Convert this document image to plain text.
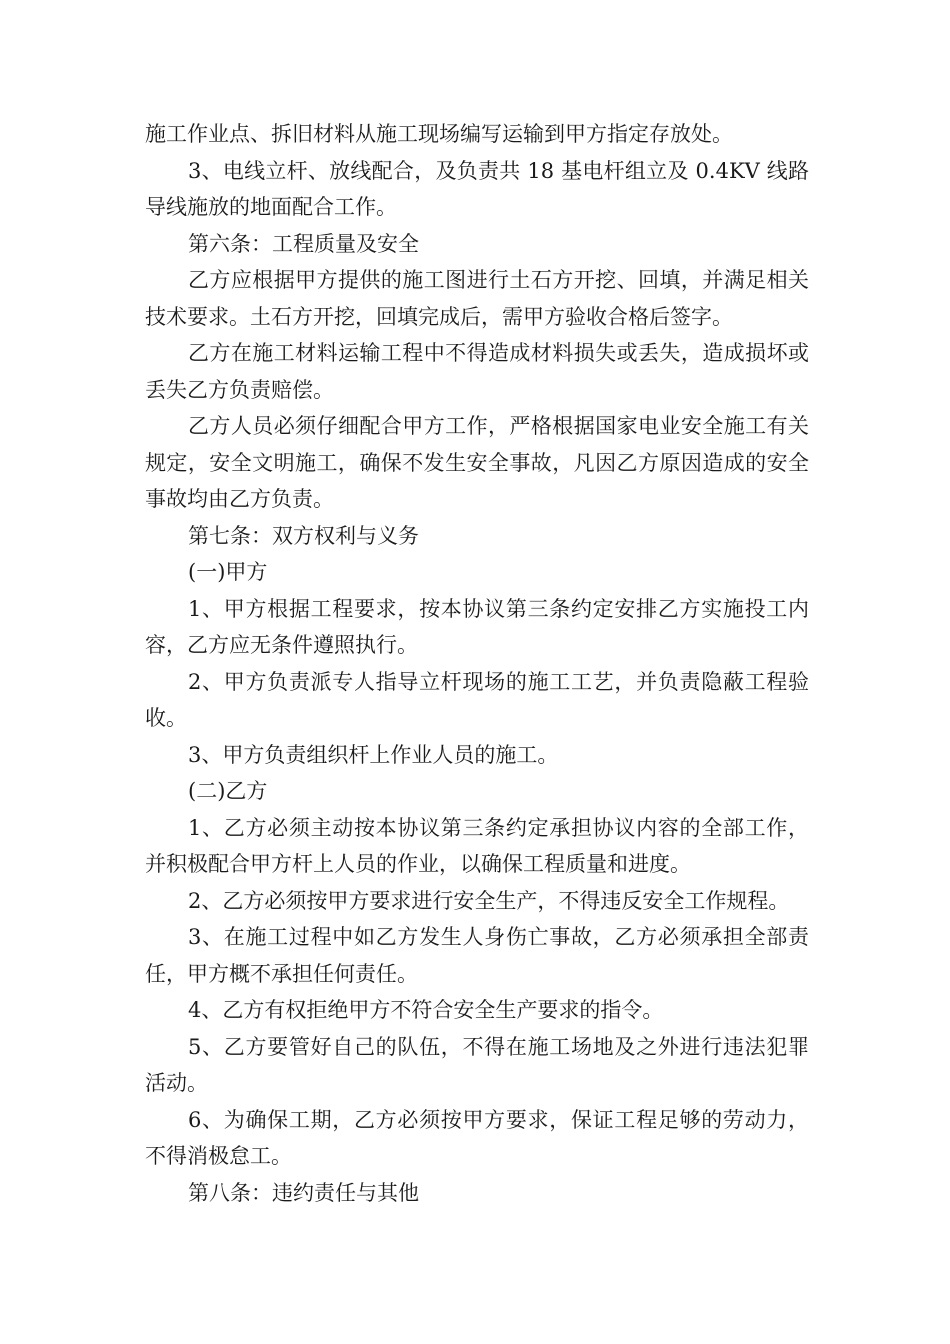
施工作业点、拆旧材料从施工现场编写运输到甲方指定存放处。

3、电线立杆、放线配合，及负责共 18 基电杆组立及 0.4KV 线路导线施放的地面配合工作。

第六条：工程质量及安全

乙方应根据甲方提供的施工图进行土石方开挖、回填，并满足相关技术要求。土石方开挖，回填完成后，需甲方验收合格后签字。

乙方在施工材料运输工程中不得造成材料损失或丢失，造成损坏或丢失乙方负责赔偿。

乙方人员必须仔细配合甲方工作，严格根据国家电业安全施工有关规定，安全文明施工，确保不发生安全事故，凡因乙方原因造成的安全事故均由乙方负责。

第七条：双方权利与义务

(一)甲方

1、甲方根据工程要求，按本协议第三条约定安排乙方实施投工内容，乙方应无条件遵照执行。

2、甲方负责派专人指导立杆现场的施工工艺，并负责隐蔽工程验收。

3、甲方负责组织杆上作业人员的施工。

(二)乙方

1、乙方必须主动按本协议第三条约定承担协议内容的全部工作，并积极配合甲方杆上人员的作业，以确保工程质量和进度。

2、乙方必须按甲方要求进行安全生产，不得违反安全工作规程。

3、在施工过程中如乙方发生人身伤亡事故，乙方必须承担全部责任，甲方概不承担任何责任。

4、乙方有权拒绝甲方不符合安全生产要求的指令。

5、乙方要管好自己的队伍，不得在施工场地及之外进行违法犯罪活动。

6、为确保工期，乙方必须按甲方要求，保证工程足够的劳动力，不得消极怠工。

第八条：违约责任与其他
